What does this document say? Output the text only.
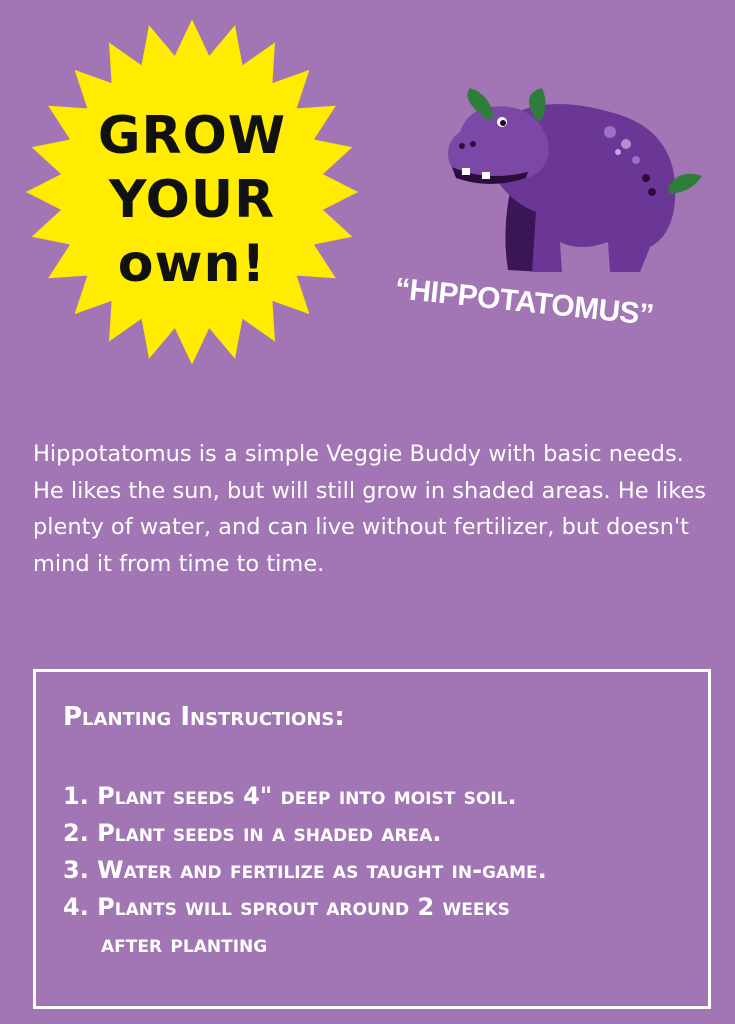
GROW
YOUR
own!
“HIPPOTATOMUS”

Hippotatomus is a simple Veggie Buddy with basic needs. He likes the sun, but will still grow in shaded areas. He likes plenty of water, and can live without fertilizer, but doesn't mind it from time to time.

Planting Instructions:
1. Plant seeds 4" deep into moist soil.
2. Plant seeds in a shaded area.
3. Water and fertilize as taught in-game.
4. Plants will sprout around 2 weeks
after planting
